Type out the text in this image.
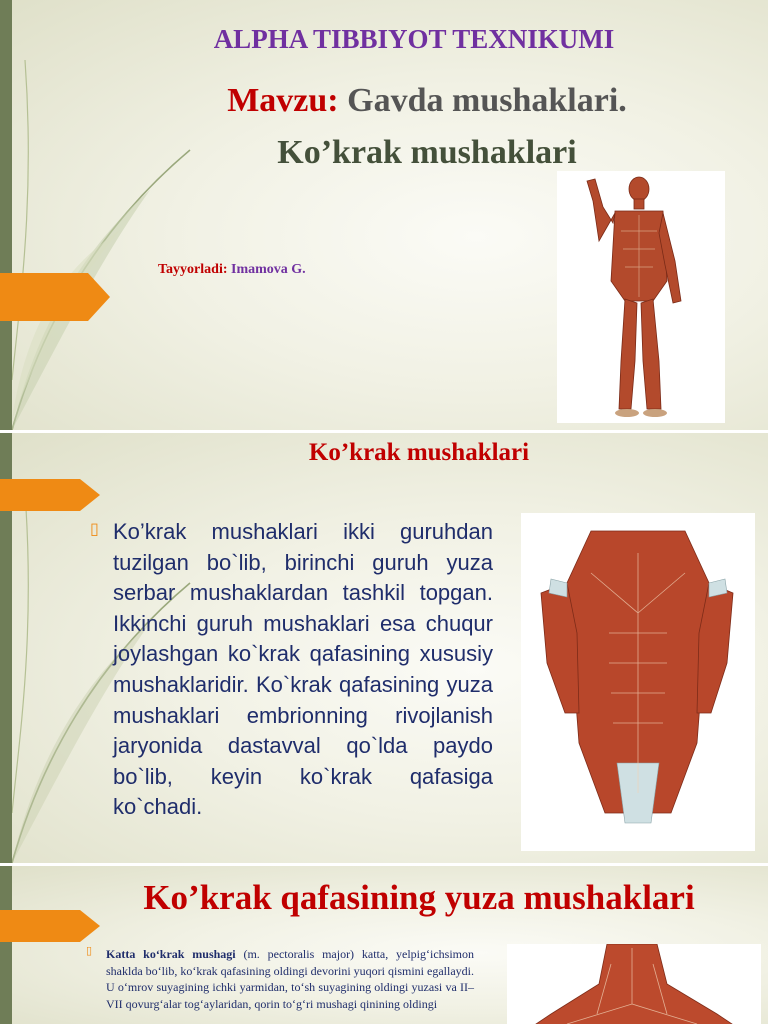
ALPHA TIBBIYOT TEXNIKUMI
Mavzu: Gavda mushaklari.
Ko’krak mushaklari
Tayyorladi: Imamova G.
Ko’krak mushaklari
▯ Ko’krak mushaklari ikki guruhdan tuzilgan bo`lib, birinchi guruh yuza serbar mushaklardan tashkil topgan. Ikkinchi guruh mushaklari esa chuqur joylashgan ko`krak qafasining xususiy mushaklaridir. Ko`krak qafasining yuza mushaklari embrionning rivojlanish jaryonida dastavval qo`lda paydo bo`lib, keyin ko`krak qafasiga ko`chadi.
Ko’krak qafasining yuza mushaklari
▯ Katta ko‘krak mushagi (m. pectoralis major) katta, yelpig‘ichsimon shaklda bo‘lib, ko‘krak qafasining oldingi devorini yuqori qismini egallaydi. U o‘mrov suyagining ichki yarmidan, to‘sh suyagining oldingi yuzasi va II–VII qovurg‘alar tog‘aylaridan, qorin to‘g‘ri mushagi qinining oldingi
